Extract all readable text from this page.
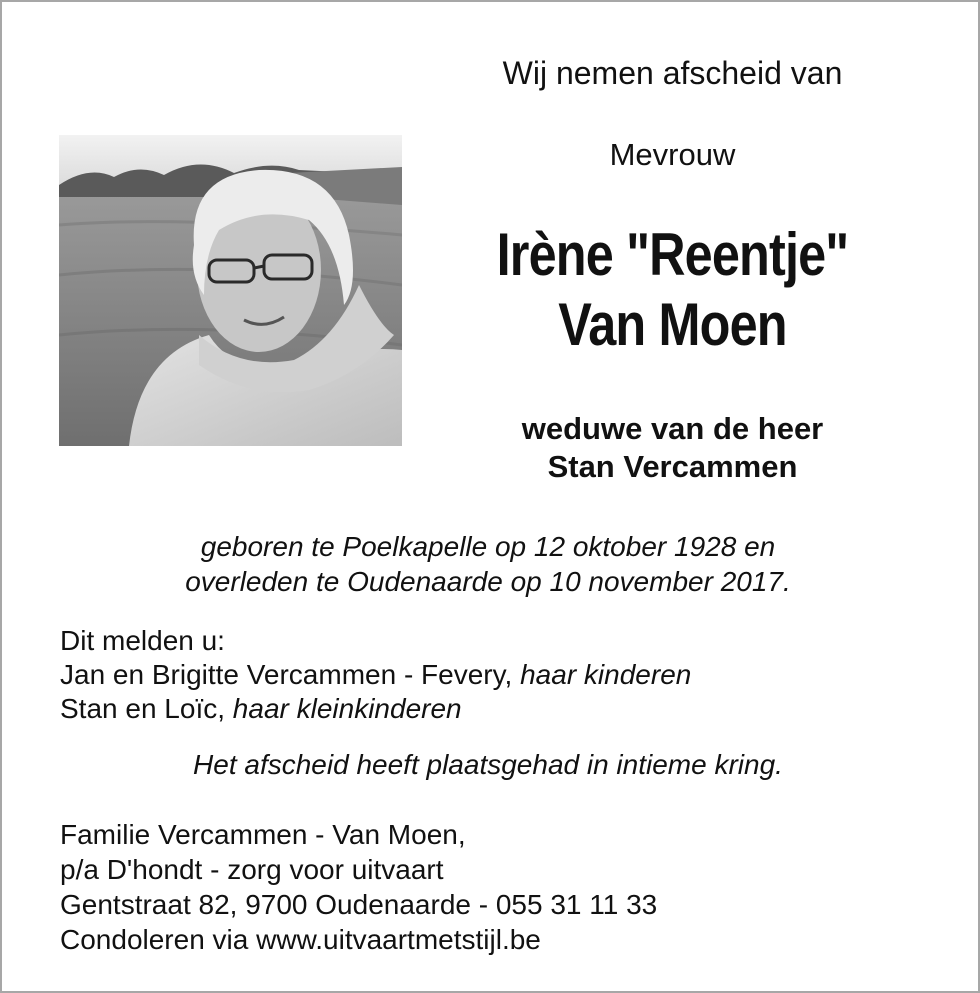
Wij nemen afscheid van
Mevrouw
Irène "Reentje"
Van Moen
weduwe van de heer
Stan Vercammen
geboren te Poelkapelle op 12 oktober 1928 en
overleden te Oudenaarde op 10 november 2017.
Dit melden u:
Jan en Brigitte Vercammen - Fevery, haar kinderen
Stan en Loïc, haar kleinkinderen
Het afscheid heeft plaatsgehad in intieme kring.
Familie Vercammen - Van Moen,
p/a D'hondt - zorg voor uitvaart
Gentstraat 82, 9700 Oudenaarde - 055 31 11 33
Condoleren via www.uitvaartmetstijl.be
